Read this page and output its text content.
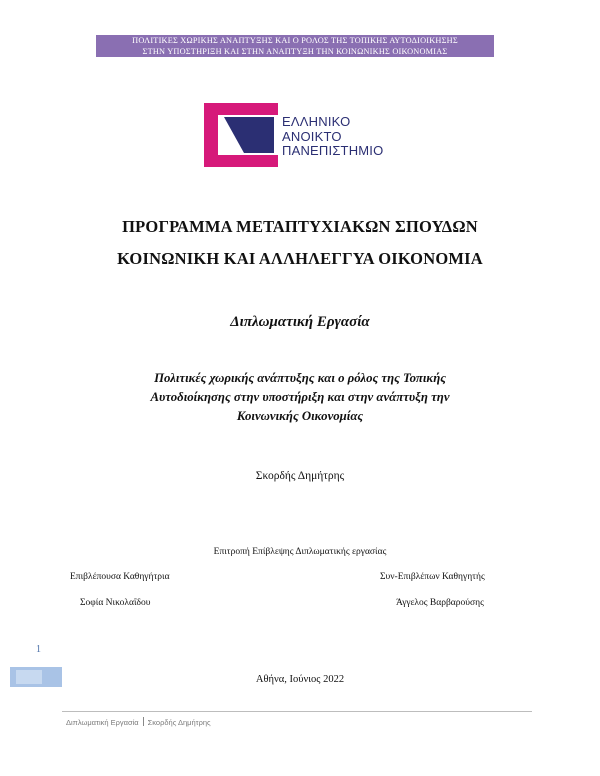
ΠΟΛΙΤΙΚΕΣ ΧΩΡΙΚΗΣ ΑΝΑΠΤΥΞΗΣ ΚΑΙ Ο ΡΟΛΟΣ ΤΗΣ ΤΟΠΙΚΗΣ ΑΥΤΟΔΙΟΙΚΗΣΗΣ
ΣΤΗΝ ΥΠΟΣΤΗΡΙΞΗ ΚΑΙ ΣΤΗΝ ΑΝΑΠΤΥΞΗ ΤΗΝ ΚΟΙΝΩΝΙΚΗΣ ΟΙΚΟΝΟΜΙΑΣ
ΕΛΛΗΝΙΚΟ
ΑΝΟΙΚΤΟ
ΠΑΝΕΠΙΣΤΗΜΙΟ
ΠΡΟΓΡΑΜΜΑ ΜΕΤΑΠΤΥΧΙΑΚΩΝ ΣΠΟΥΔΩΝ
ΚΟΙΝΩΝΙΚΗ ΚΑΙ ΑΛΛΗΛΕΓΓΥΑ ΟΙΚΟΝΟΜΙΑ
Διπλωματική Εργασία
Πολιτικές χωρικής ανάπτυξης και ο ρόλος της Τοπικής
Αυτοδιοίκησης στην υποστήριξη και στην ανάπτυξη την
Κοινωνικής Οικονομίας
Σκορδής Δημήτρης
Επιτροπή Επίβλεψης Διπλωματικής εργασίας
Επιβλέπουσα Καθηγήτρια	Συν-Επιβλέπων Καθηγητής
Σοφία Νικολαΐδου	Άγγελος Βαρβαρούσης
1
Αθήνα, Ιούνιος 2022
Διπλωματική Εργασία Σκορδής Δημήτρης
